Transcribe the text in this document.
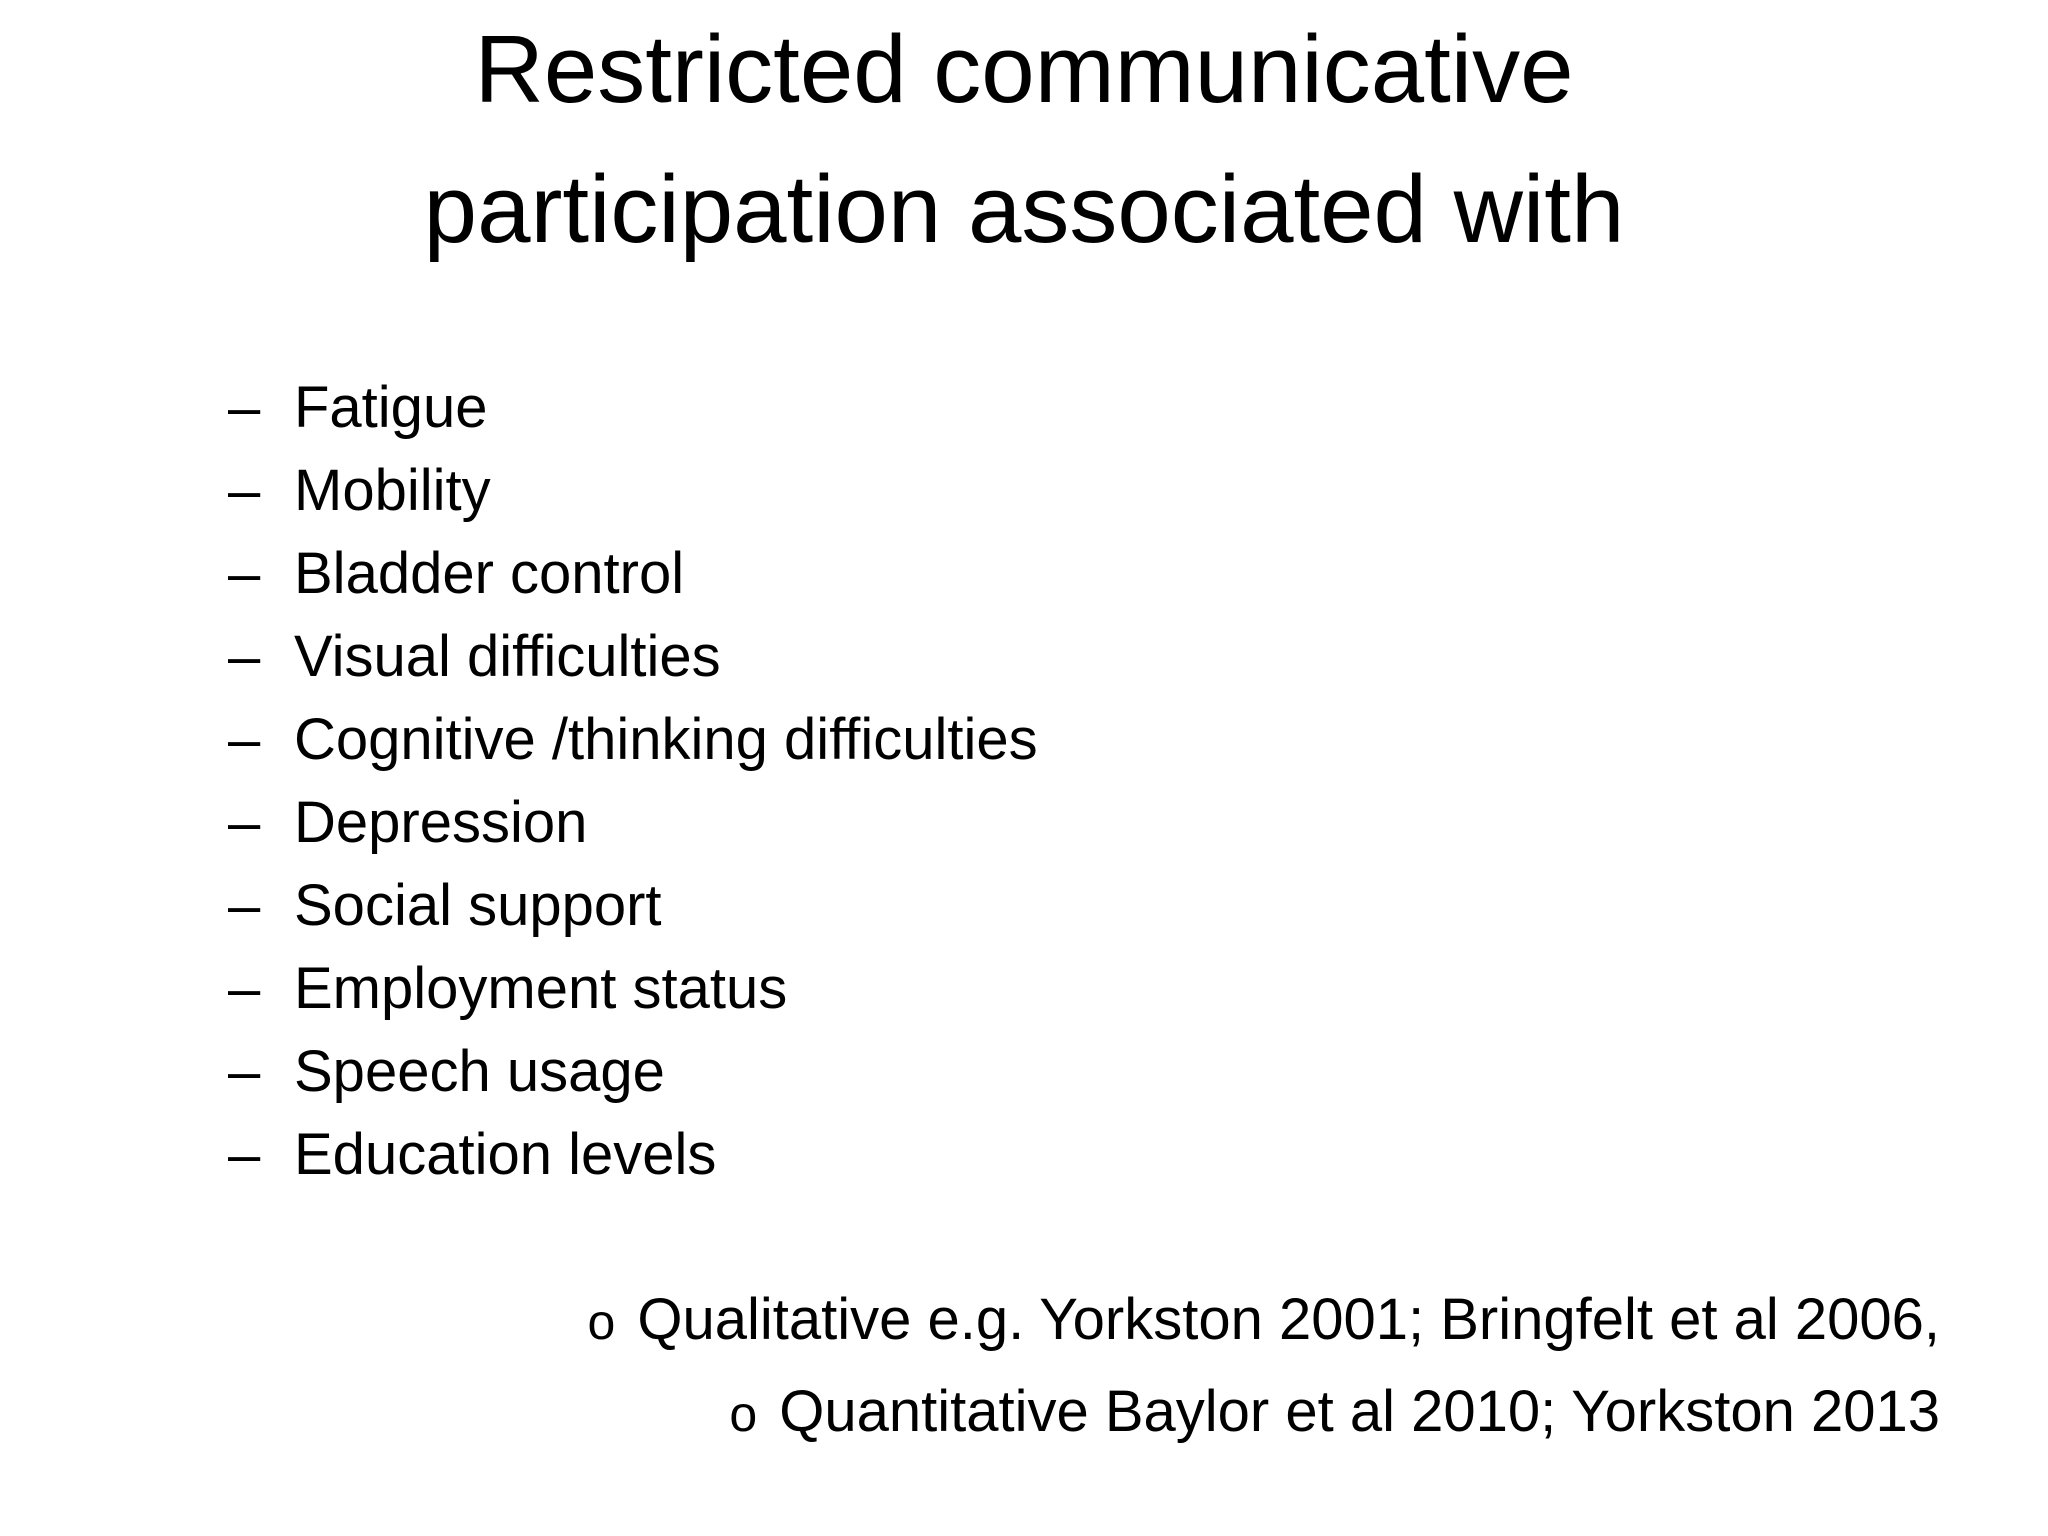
Restricted communicative
participation associated with
– Fatigue
– Mobility
– Bladder control
– Visual difficulties
– Cognitive /thinking difficulties
– Depression
– Social support
– Employment status
– Speech usage
– Education levels
o Qualitative e.g. Yorkston 2001; Bringfelt et al 2006,
o Quantitative Baylor et al 2010; Yorkston 2013
